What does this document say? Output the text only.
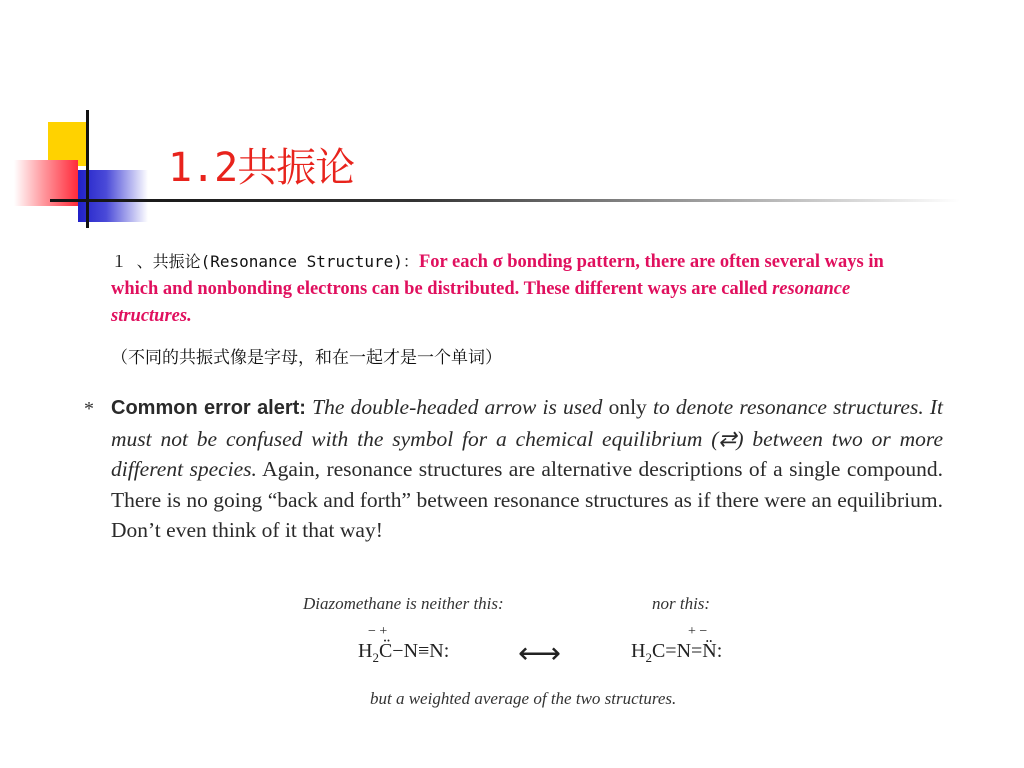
1.2共振论
１ 、共振论(Resonance Structure)：For each σ bonding pattern, there are often several ways in which and nonbonding electrons can be distributed. These different ways are called resonance structures.
（不同的共振式像是字母，和在一起才是一个单词）
* Common error alert: The double-headed arrow is used only to denote resonance structures. It must not be confused with the symbol for a chemical equilibrium (⇄) between two or more different species. Again, resonance structures are alternative descriptions of a single compound. There is no going “back and forth” between resonance structures as if there were an equilibrium. Don’t even think of it that way!
Diazomethane is neither this:	nor this:
− +
$H_2C̈-N\equiv N$: ⟷
+ −
$H_2C=N=N̈$:
but a weighted average of the two structures.
